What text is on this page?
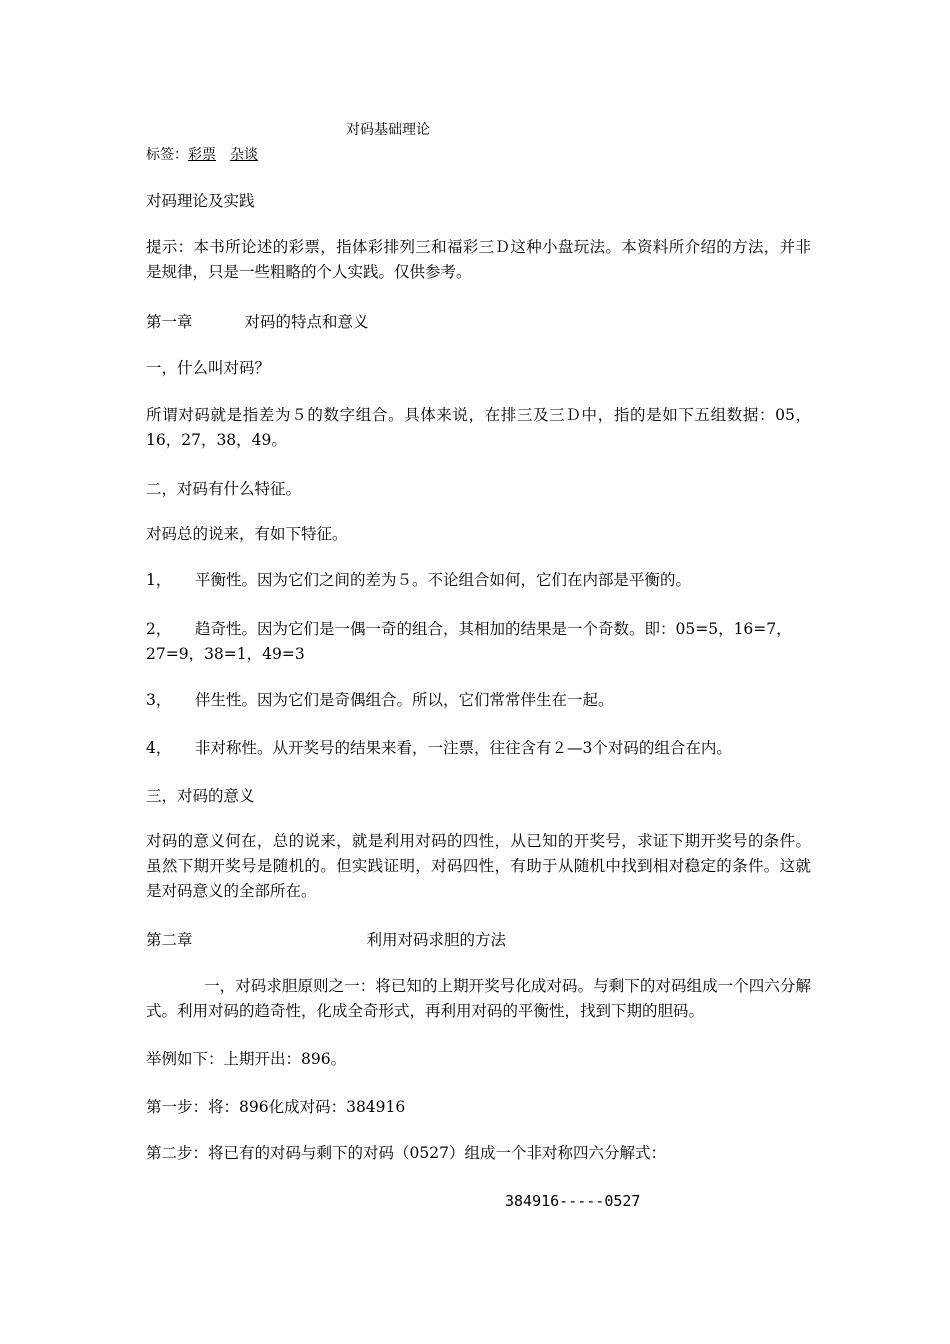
对码基础理论
标签：彩票 杂谈
对码理论及实践
提示：本书所论述的彩票，指体彩排列三和福彩三Ｄ这种小盘玩法。本资料所介绍的方法，并非是规律，只是一些粗略的个人实践。仅供参考。
第一章	对码的特点和意义
一，什么叫对码？
所谓对码就是指差为５的数字组合。具体来说，在排三及三Ｄ中，指的是如下五组数据：05，16，27，38，49。
二，对码有什么特征。
对码总的说来，有如下特征。
1， 平衡性。因为它们之间的差为５。不论组合如何，它们在内部是平衡的。
2， 趋奇性。因为它们是一偶一奇的组合，其相加的结果是一个奇数。即：05=5，16=7，
27=9，38=1，49=3
3， 伴生性。因为它们是奇偶组合。所以，它们常常伴生在一起。
4， 非对称性。从开奖号的结果来看，一注票，往往含有２—3个对码的组合在内。
三，对码的意义
对码的意义何在，总的说来，就是利用对码的四性，从已知的开奖号，求证下期开奖号的条件。虽然下期开奖号是随机的。但实践证明，对码四性，有助于从随机中找到相对稳定的条件。这就是对码意义的全部所在。
第二章	利用对码求胆的方法
一，对码求胆原则之一：将已知的上期开奖号化成对码。与剩下的对码组成一个四六分解式。利用对码的趋奇性，化成全奇形式，再利用对码的平衡性，找到下期的胆码。
举例如下：上期开出：896。
第一步：将：896化成对码：384916
第二步：将已有的对码与剩下的对码（0527）组成一个非对称四六分解式：
384916-----0527
